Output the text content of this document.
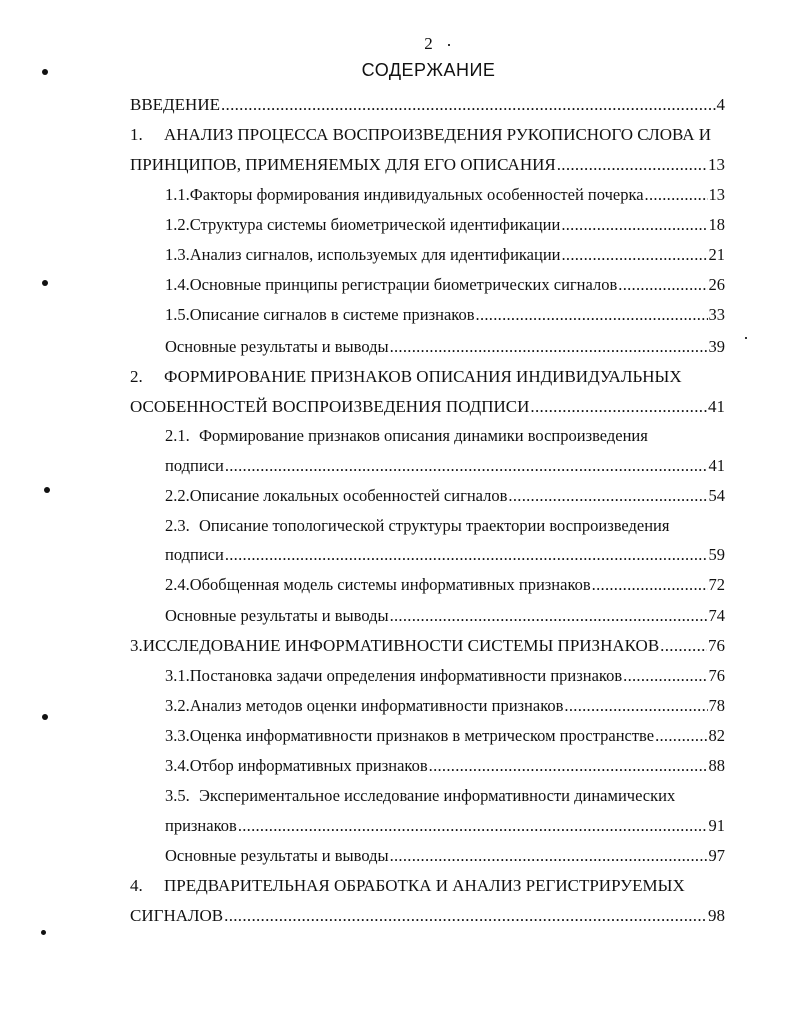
2
СОДЕРЖАНИЕ
ВВЕДЕНИЕ .....	4
1. АНАЛИЗ ПРОЦЕССА ВОСПРОИЗВЕДЕНИЯ РУКОПИСНОГО СЛОВА И
ПРИНЦИПОВ, ПРИМЕНЯЕМЫХ ДЛЯ ЕГО ОПИСАНИЯ .....	13
1.1. Факторы формирования индивидуальных особенностей почерка .....	13
1.2. Структура системы биометрической идентификации .....	18
1.3. Анализ сигналов, используемых для идентификации .....	21
1.4. Основные принципы регистрации биометрических сигналов .....	26
1.5. Описание сигналов в системе признаков .....	33
Основные результаты и выводы .....	39
2. ФОРМИРОВАНИЕ ПРИЗНАКОВ ОПИСАНИЯ ИНДИВИДУАЛЬНЫХ
ОСОБЕННОСТЕЙ ВОСПРОИЗВЕДЕНИЯ ПОДПИСИ .....	41
2.1. Формирование признаков описания динамики воспроизведения
подписи .....	41
2.2. Описание локальных особенностей сигналов .....	54
2.3. Описание топологической структуры траектории воспроизведения
подписи .....	59
2.4. Обобщенная модель системы информативных признаков .....	72
Основные результаты и выводы .....	74
3. ИССЛЕДОВАНИЕ ИНФОРМАТИВНОСТИ СИСТЕМЫ ПРИЗНАКОВ .....	76
3.1. Постановка задачи определения информативности признаков .....	76
3.2. Анализ методов оценки информативности признаков .....	78
3.3. Оценка информативности признаков в метрическом пространстве .....	82
3.4. Отбор информативных признаков .....	88
3.5. Экспериментальное исследование информативности динамических
признаков .....	91
Основные результаты и выводы .....	97
4. ПРЕДВАРИТЕЛЬНАЯ ОБРАБОТКА И АНАЛИЗ РЕГИСТРИРУЕМЫХ
СИГНАЛОВ .....	98
